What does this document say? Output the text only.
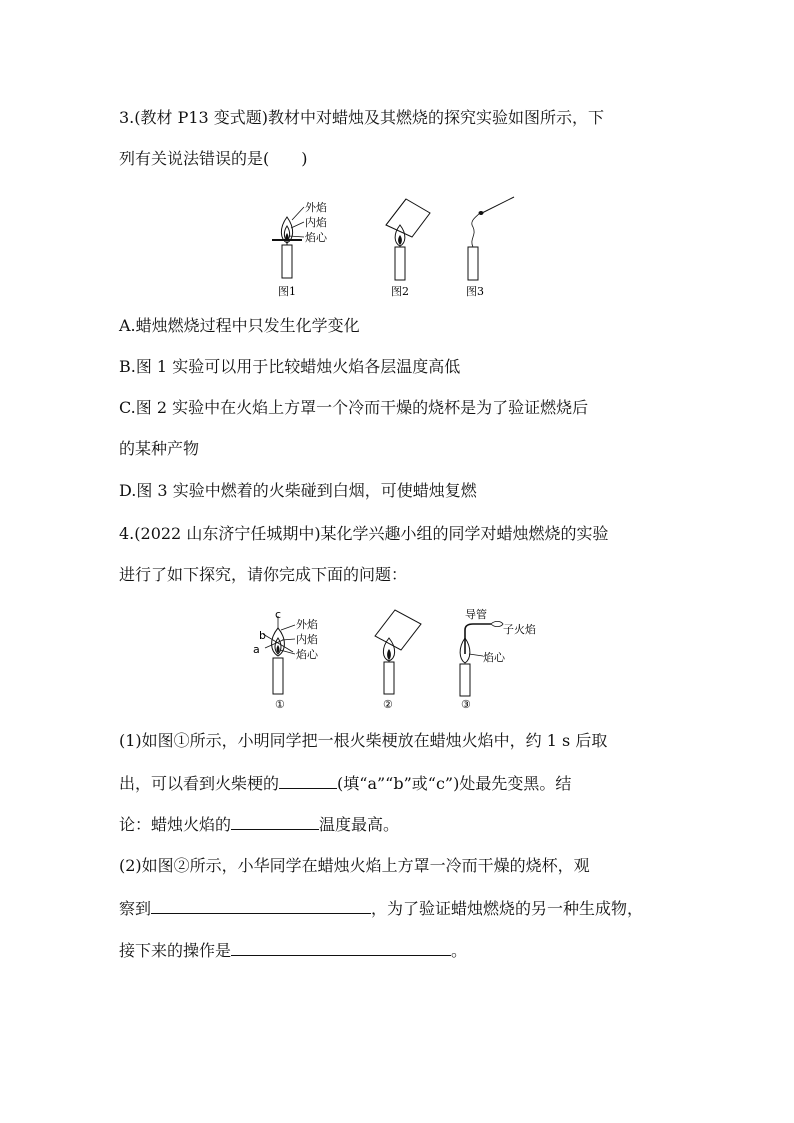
3.(教材 P13 变式题)教材中对蜡烛及其燃烧的探究实验如图所示，下
列有关说法错误的是(　　)
外焰
内焰
焰心
图1	图2	图3
A.蜡烛燃烧过程中只发生化学变化
B.图 1 实验可以用于比较蜡烛火焰各层温度高低
C.图 2 实验中在火焰上方罩一个冷而干燥的烧杯是为了验证燃烧后
的某种产物
D.图 3 实验中燃着的火柴碰到白烟，可使蜡烛复燃
4.(2022 山东济宁任城期中)某化学兴趣小组的同学对蜡烛燃烧的实验
进行了如下探究，请你完成下面的问题：
c
b
a
外焰
内焰
焰心
导管
子火焰
焰心
①	②	③
(1)如图①所示，小明同学把一根火柴梗放在蜡烛火焰中，约 1 s 后取
出，可以看到火柴梗的	(填“a”“b”或“c”)处最先变黑。结
论：蜡烛火焰的	温度最高。
(2)如图②所示，小华同学在蜡烛火焰上方罩一冷而干燥的烧杯，观
察到	，为了验证蜡烛燃烧的另一种生成物，
接下来的操作是	。
